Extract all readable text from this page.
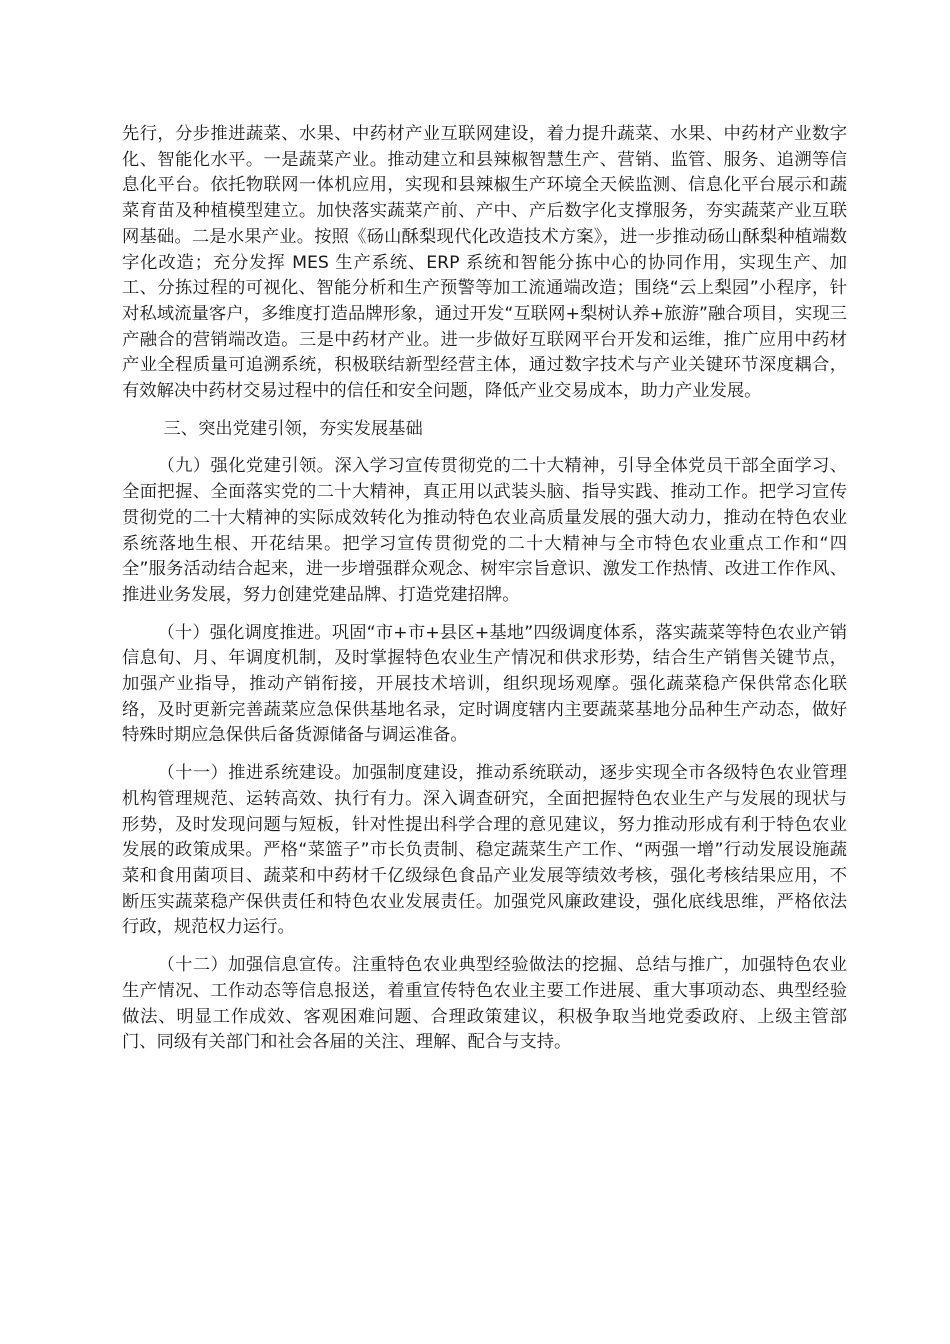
先行，分步推进蔬菜、水果、中药材产业互联网建设，着力提升蔬菜、水果、中药材产业数字化、智能化水平。一是蔬菜产业。推动建立和县辣椒智慧生产、营销、监管、服务、追溯等信息化平台。依托物联网一体机应用，实现和县辣椒生产环境全天候监测、信息化平台展示和蔬菜育苗及种植模型建立。加快落实蔬菜产前、产中、产后数字化支撑服务，夯实蔬菜产业互联网基础。二是水果产业。按照《砀山酥梨现代化改造技术方案》，进一步推动砀山酥梨种植端数字化改造；充分发挥 MES 生产系统、ERP 系统和智能分拣中心的协同作用，实现生产、加工、分拣过程的可视化、智能分析和生产预警等加工流通端改造；围绕“云上梨园”小程序，针对私域流量客户，多维度打造品牌形象，通过开发“互联网+梨树认养+旅游”融合项目，实现三产融合的营销端改造。三是中药材产业。进一步做好互联网平台开发和运维，推广应用中药材产业全程质量可追溯系统，积极联结新型经营主体，通过数字技术与产业关键环节深度耦合，有效解决中药材交易过程中的信任和安全问题，降低产业交易成本，助力产业发展。

三、突出党建引领，夯实发展基础

（九）强化党建引领。深入学习宣传贯彻党的二十大精神，引导全体党员干部全面学习、全面把握、全面落实党的二十大精神，真正用以武装头脑、指导实践、推动工作。把学习宣传贯彻党的二十大精神的实际成效转化为推动特色农业高质量发展的强大动力，推动在特色农业系统落地生根、开花结果。把学习宣传贯彻党的二十大精神与全市特色农业重点工作和“四全”服务活动结合起来，进一步增强群众观念、树牢宗旨意识、激发工作热情、改进工作作风、推进业务发展，努力创建党建品牌、打造党建招牌。

（十）强化调度推进。巩固“市+市+县区+基地”四级调度体系，落实蔬菜等特色农业产销信息旬、月、年调度机制，及时掌握特色农业生产情况和供求形势，结合生产销售关键节点，加强产业指导，推动产销衔接，开展技术培训，组织现场观摩。强化蔬菜稳产保供常态化联络，及时更新完善蔬菜应急保供基地名录，定时调度辖内主要蔬菜基地分品种生产动态，做好特殊时期应急保供后备货源储备与调运准备。

（十一）推进系统建设。加强制度建设，推动系统联动，逐步实现全市各级特色农业管理机构管理规范、运转高效、执行有力。深入调查研究，全面把握特色农业生产与发展的现状与形势，及时发现问题与短板，针对性提出科学合理的意见建议，努力推动形成有利于特色农业发展的政策成果。严格“菜篮子”市长负责制、稳定蔬菜生产工作、“两强一增”行动发展设施蔬菜和食用菌项目、蔬菜和中药材千亿级绿色食品产业发展等绩效考核，强化考核结果应用，不断压实蔬菜稳产保供责任和特色农业发展责任。加强党风廉政建设，强化底线思维，严格依法行政，规范权力运行。

（十二）加强信息宣传。注重特色农业典型经验做法的挖掘、总结与推广，加强特色农业生产情况、工作动态等信息报送，着重宣传特色农业主要工作进展、重大事项动态、典型经验做法、明显工作成效、客观困难问题、合理政策建议，积极争取当地党委政府、上级主管部门、同级有关部门和社会各届的关注、理解、配合与支持。
